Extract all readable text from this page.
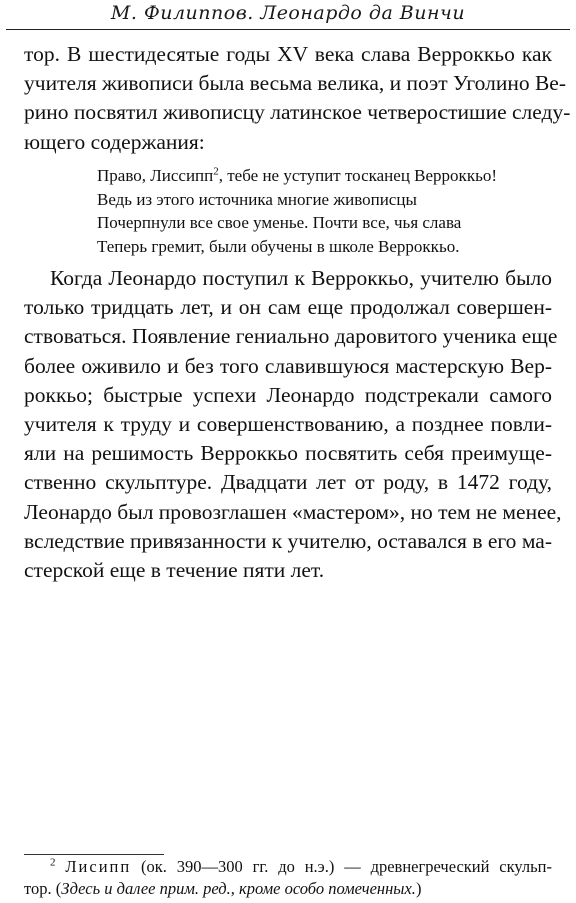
М. Филиппов. Леонардо да Винчи
тор. В шестидесятые годы XV века слава Верроккьо как
учителя живописи была весьма велика, и поэт Уголино Ве-
рино посвятил живописцу латинское четверостишие следу-
ющего содержания:
Право, Лиссипп$^2$, тебе не уступит тосканец Верроккьо!
Ведь из этого источника многие живописцы
Почерпнули все свое уменье. Почти все, чья слава
Теперь гремит, были обучены в школе Верроккьо.
Когда Леонардо поступил к Верроккьо, учителю было
только тридцать лет, и он сам еще продолжал совершен-
ствоваться. Появление гениально даровитого ученика еще
более оживило и без того славившуюся мастерскую Вер-
роккьо; быстрые успехи Леонардо подстрекали самого
учителя к труду и совершенствованию, а позднее повли-
яли на решимость Верроккьо посвятить себя преимуще-
ственно скульптуре. Двадцати лет от роду, в 1472 году,
Леонардо был провозглашен «мастером», но тем не менее,
вследствие привязанности к учителю, оставался в его ма-
стерской еще в течение пяти лет.
$^2$ Лисипп (ок. 390—300 гг. до н.э.) — древнегреческий скульп-
тор. (Здесь и далее прим. ред., кроме особо помеченных.)
